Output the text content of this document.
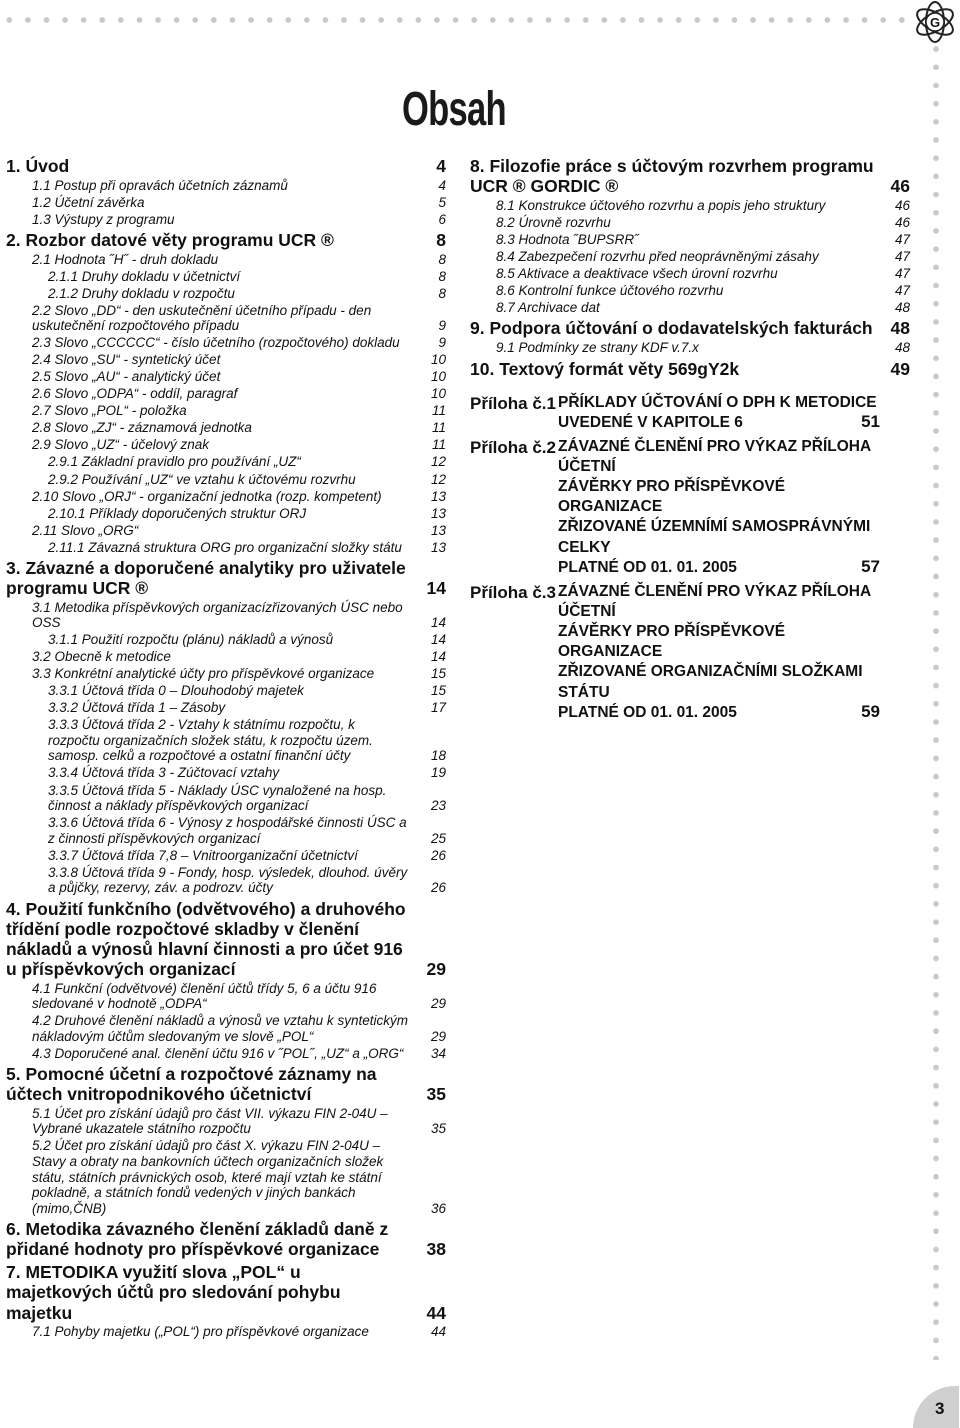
G
Obsah
1. Úvod	4
1.1 Postup při opravách účetních záznamů	4
1.2 Účetní závěrka	5
1.3 Výstupy z programu	6
2. Rozbor datové věty programu UCR ®	8
2.1 Hodnota ˝H˝ - druh dokladu	8
2.1.1 Druhy dokladu v účetnictví	8
2.1.2 Druhy dokladu v rozpočtu	8
2.2 Slovo „DD“ - den uskutečnění účetního případu - den uskutečnění rozpočtového případu	9
2.3 Slovo „CCCCCC“ - číslo účetního (rozpočtového) dokladu	9
2.4 Slovo „SU“ - syntetický účet	10
2.5 Slovo „AU“ - analytický účet	10
2.6 Slovo „ODPA“ - oddíl, paragraf	10
2.7 Slovo „POL“ - položka	11
2.8 Slovo „ZJ“ - záznamová jednotka	11
2.9 Slovo „UZ“ - účelový znak	11
2.9.1 Základní pravidlo pro používání „UZ“	12
2.9.2 Používání „UZ“ ve vztahu k účtovému rozvrhu	12
2.10 Slovo „ORJ“ - organizační jednotka (rozp. kompetent)	13
2.10.1 Příklady doporučených struktur ORJ	13
2.11 Slovo „ORG“	13
2.11.1 Závazná struktura ORG pro organizační složky státu	13
3. Závazné a doporučené analytiky pro uživatele programu UCR ®	14
3.1 Metodika příspěvkových organizacízřizovaných ÚSC nebo OSS	14
3.1.1 Použití rozpočtu (plánu) nákladů a výnosů	14
3.2 Obecně k metodice	14
3.3 Konkrétní analytické účty pro příspěvkové organizace	15
3.3.1 Účtová třída 0 – Dlouhodobý majetek	15
3.3.2 Účtová třída 1 – Zásoby	17
3.3.3 Účtová třída 2 - Vztahy k státnímu rozpočtu, k rozpočtu organizačních složek státu, k rozpočtu územ. samosp. celků a rozpočtové a ostatní finanční účty	18
3.3.4 Účtová třída 3 - Zúčtovací vztahy	19
3.3.5 Účtová třída 5 - Náklady ÚSC vynaložené na hosp. činnost a náklady příspěvkových organizací	23
3.3.6 Účtová třída 6 - Výnosy z hospodářské činnosti ÚSC a z činnosti příspěvkových organizací	25
3.3.7 Účtová třída 7,8 – Vnitroorganizační účetnictví	26
3.3.8 Účtová třída 9 - Fondy, hosp. výsledek, dlouhod. úvěry a půjčky, rezervy, záv. a podrozv. účty	26
4. Použití funkčního (odvětvového) a druhového třídění podle rozpočtové skladby v členění nákladů a výnosů hlavní činnosti a pro účet 916 u příspěvkových organizací	29
4.1 Funkční (odvětvové) členění účtů třídy 5, 6 a účtu 916 sledované v hodnotě „ODPA“	29
4.2 Druhové členění nákladů a výnosů ve vztahu k syntetickým nákladovým účtům sledovaným ve slově „POL“	29
4.3 Doporučené anal. členění účtu 916 v ˝POL˝, „UZ“ a „ORG“	34
5. Pomocné účetní a rozpočtové záznamy na účtech vnitropodnikového účetnictví	35
5.1 Účet pro získání údajů pro část VII. výkazu FIN 2-04U – Vybrané ukazatele státního rozpočtu	35
5.2 Účet pro získání údajů pro část X. výkazu FIN 2-04U – Stavy a obraty na bankovních účtech organizačních složek státu, státních právnických osob, které mají vztah ke státní pokladně, a státních fondů vedených v jiných bankách (mimo,ČNB)	36
6. Metodika závazného členění základů daně z přidané hodnoty pro příspěvkové organizace	38
7. METODIKA využití slova „POL“ u majetkových účtů pro sledování pohybu majetku	44
7.1 Pohyby majetku („POL“) pro příspěvkové organizace	44
8. Filozofie práce s účtovým rozvrhem programu UCR ® GORDIC ®	46
8.1 Konstrukce účtového rozvrhu a popis jeho struktury	46
8.2 Úrovně rozvrhu	46
8.3 Hodnota ˝BUPSRR˝	47
8.4 Zabezpečení rozvrhu před neoprávněnými zásahy	47
8.5 Aktivace a deaktivace všech úrovní rozvrhu	47
8.6 Kontrolní funkce účtového rozvrhu	47
8.7 Archivace dat	48
9. Podpora účtování o dodavatelských fakturách	48
9.1 Podmínky ze strany KDF v.7.x	48
10. Textový formát věty 569gY2k	49
Příloha č.1 PŘÍKLADY ÚČTOVÁNÍ O DPH K METODICE
UVEDENÉ V KAPITOLE 6	51
Příloha č.2 ZÁVAZNÉ ČLENĚNÍ PRO VÝKAZ PŘÍLOHA ÚČETNÍ
ZÁVĚRKY PRO PŘÍSPĚVKOVÉ ORGANIZACE
ZŘIZOVANÉ ÚZEMNÍMÍ SAMOSPRÁVNÝMI CELKY
PLATNÉ OD 01. 01. 2005	57
Příloha č.3 ZÁVAZNÉ ČLENĚNÍ PRO VÝKAZ PŘÍLOHA ÚČETNÍ
ZÁVĚRKY PRO PŘÍSPĚVKOVÉ ORGANIZACE
ZŘIZOVANÉ ORGANIZAČNÍMI SLOŽKAMI STÁTU
PLATNÉ OD 01. 01. 2005	59
3
